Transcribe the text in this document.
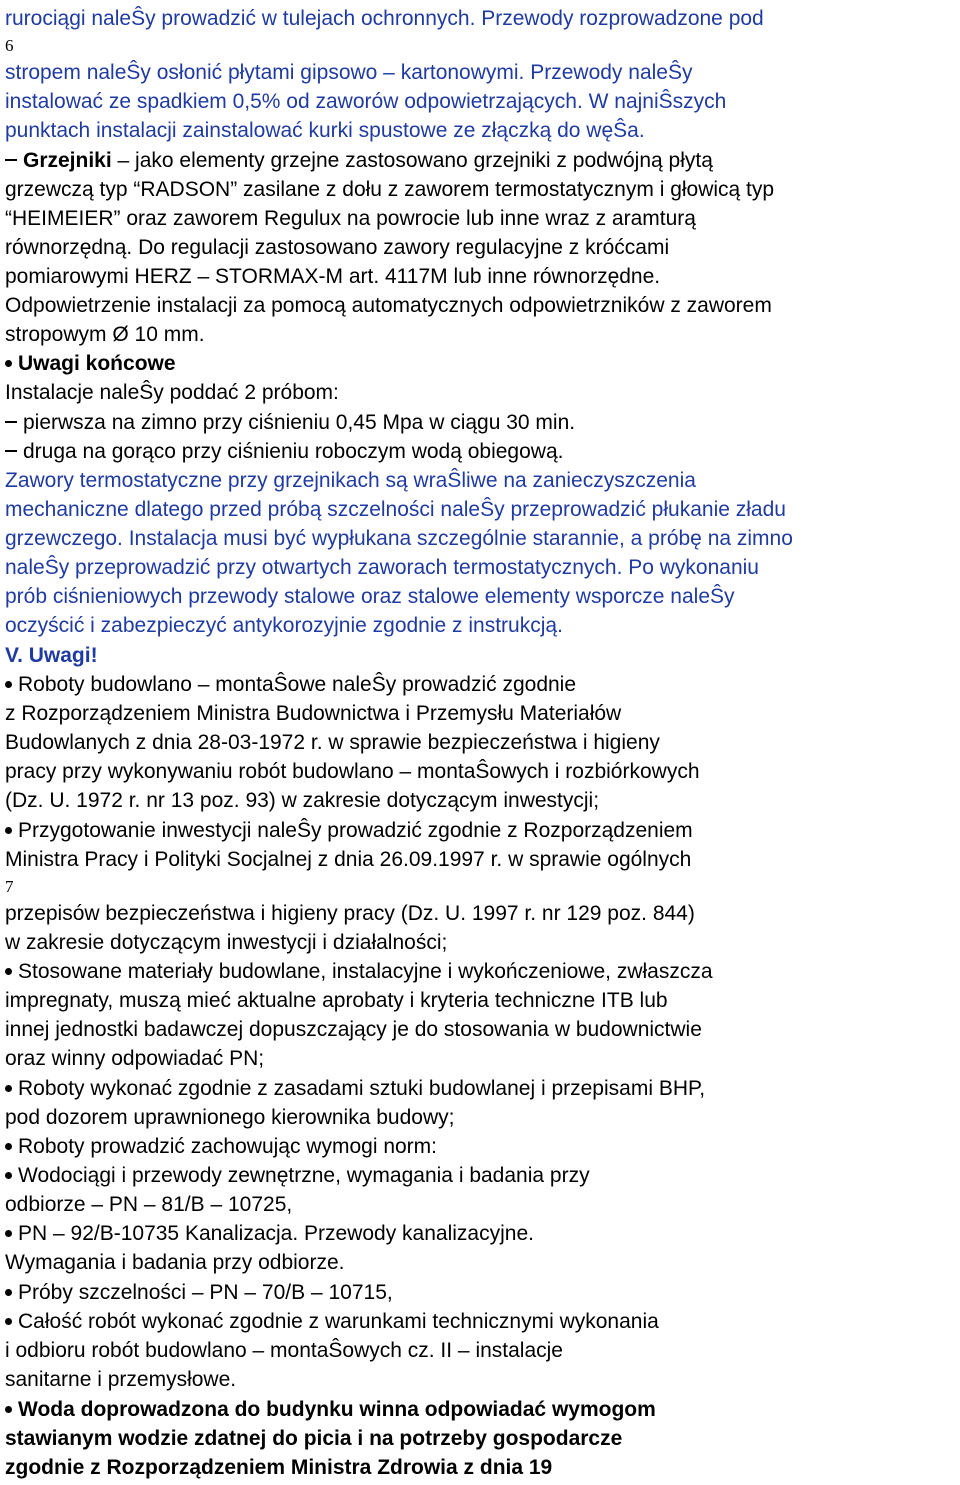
rurociągi naleŜy prowadzić w tulejach ochronnych. Przewody rozprowadzone pod
6
stropem naleŜy osłonić płytami gipsowo – kartonowymi. Przewody naleŜy
instalować ze spadkiem 0,5% od zaworów odpowietrzających. W najniŜszych
punktach instalacji zainstalować kurki spustowe ze złączką do węŜa.
Grzejniki – jako elementy grzejne zastosowano grzejniki z podwójną płytą
grzewczą typ “RADSON” zasilane z dołu z zaworem termostatycznym i głowicą typ
“HEIMEIER” oraz zaworem Regulux na powrocie lub inne wraz z aramturą
równorzędną. Do regulacji zastosowano zawory regulacyjne z króćcami
pomiarowymi HERZ – STORMAX-M art. 4117M lub inne równorzędne.
Odpowietrzenie instalacji za pomocą automatycznych odpowietrzników z zaworem
stropowym Ø 10 mm.
Uwagi końcowe
Instalacje naleŜy poddać 2 próbom:
pierwsza na zimno przy ciśnieniu 0,45 Mpa w ciągu 30 min.
druga na gorąco przy ciśnieniu roboczym wodą obiegową.
Zawory termostatyczne przy grzejnikach są wraŜliwe na zanieczyszczenia
mechaniczne dlatego przed próbą szczelności naleŜy przeprowadzić płukanie zładu
grzewczego. Instalacja musi być wypłukana szczególnie starannie, a próbę na zimno
naleŜy przeprowadzić przy otwartych zaworach termostatycznych. Po wykonaniu
prób ciśnieniowych przewody stalowe oraz stalowe elementy wsporcze naleŜy
oczyścić i zabezpieczyć antykorozyjnie zgodnie z instrukcją.
V. Uwagi!
Roboty budowlano – montaŜowe naleŜy prowadzić zgodnie
z Rozporządzeniem Ministra Budownictwa i Przemysłu Materiałów
Budowlanych z dnia 28-03-1972 r. w sprawie bezpieczeństwa i higieny
pracy przy wykonywaniu robót budowlano – montaŜowych i rozbiórkowych
(Dz. U. 1972 r. nr 13 poz. 93) w zakresie dotyczącym inwestycji;
Przygotowanie inwestycji naleŜy prowadzić zgodnie z Rozporządzeniem
Ministra Pracy i Polityki Socjalnej z dnia 26.09.1997 r. w sprawie ogólnych
7
przepisów bezpieczeństwa i higieny pracy (Dz. U. 1997 r. nr 129 poz. 844)
w zakresie dotyczącym inwestycji i działalności;
Stosowane materiały budowlane, instalacyjne i wykończeniowe, zwłaszcza
impregnaty, muszą mieć aktualne aprobaty i kryteria techniczne ITB lub
innej jednostki badawczej dopuszczający je do stosowania w budownictwie
oraz winny odpowiadać PN;
Roboty wykonać zgodnie z zasadami sztuki budowlanej i przepisami BHP,
pod dozorem uprawnionego kierownika budowy;
Roboty prowadzić zachowując wymogi norm:
Wodociągi i przewody zewnętrzne, wymagania i badania przy
odbiorze – PN – 81/B – 10725,
PN – 92/B-10735 Kanalizacja. Przewody kanalizacyjne.
Wymagania i badania przy odbiorze.
Próby szczelności – PN – 70/B – 10715,
Całość robót wykonać zgodnie z warunkami technicznymi wykonania
i odbioru robót budowlano – montaŜowych cz. II – instalacje
sanitarne i przemysłowe.
Woda doprowadzona do budynku winna odpowiadać wymogom
stawianym wodzie zdatnej do picia i na potrzeby gospodarcze
zgodnie z Rozporządzeniem Ministra Zdrowia z dnia 19
